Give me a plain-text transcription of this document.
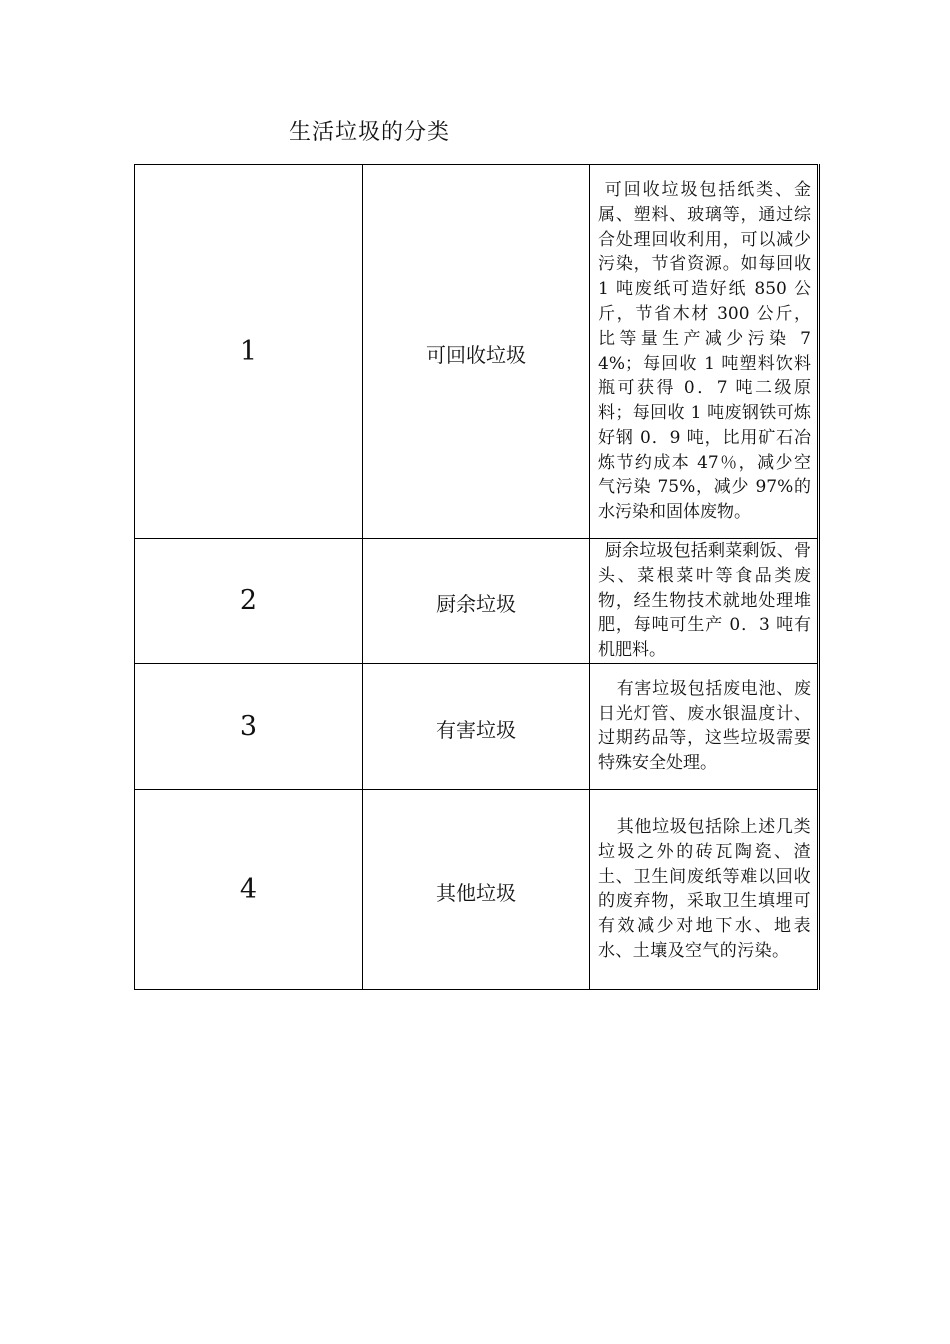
生活垃圾的分类
1	可回收垃圾	可回收垃圾包括纸类、金属、塑料、玻璃等，通过综合处理回收利用，可以减少污染，节省资源。如每回收 1 吨废纸可造好纸 850 公斤，节省木材 300 公斤，比等量生产减少污染 74%；每回收 1 吨塑料饮料瓶可获得 0．7 吨二级原料；每回收 1 吨废钢铁可炼好钢 0．9 吨，比用矿石冶炼节约成本 47％，减少空气污染 75%，减少 97%的水污染和固体废物。

2	厨余垃圾	厨余垃圾包括剩菜剩饭、骨头、菜根菜叶等食品类废物，经生物技术就地处理堆肥，每吨可生产 0．3 吨有机肥料。

3	有害垃圾	有害垃圾包括废电池、废日光灯管、废水银温度计、过期药品等，这些垃圾需要特殊安全处理。

4	其他垃圾	其他垃圾包括除上述几类垃圾之外的砖瓦陶瓷、渣土、卫生间废纸等难以回收的废弃物，采取卫生填埋可有效减少对地下水、地表水、土壤及空气的污染。
